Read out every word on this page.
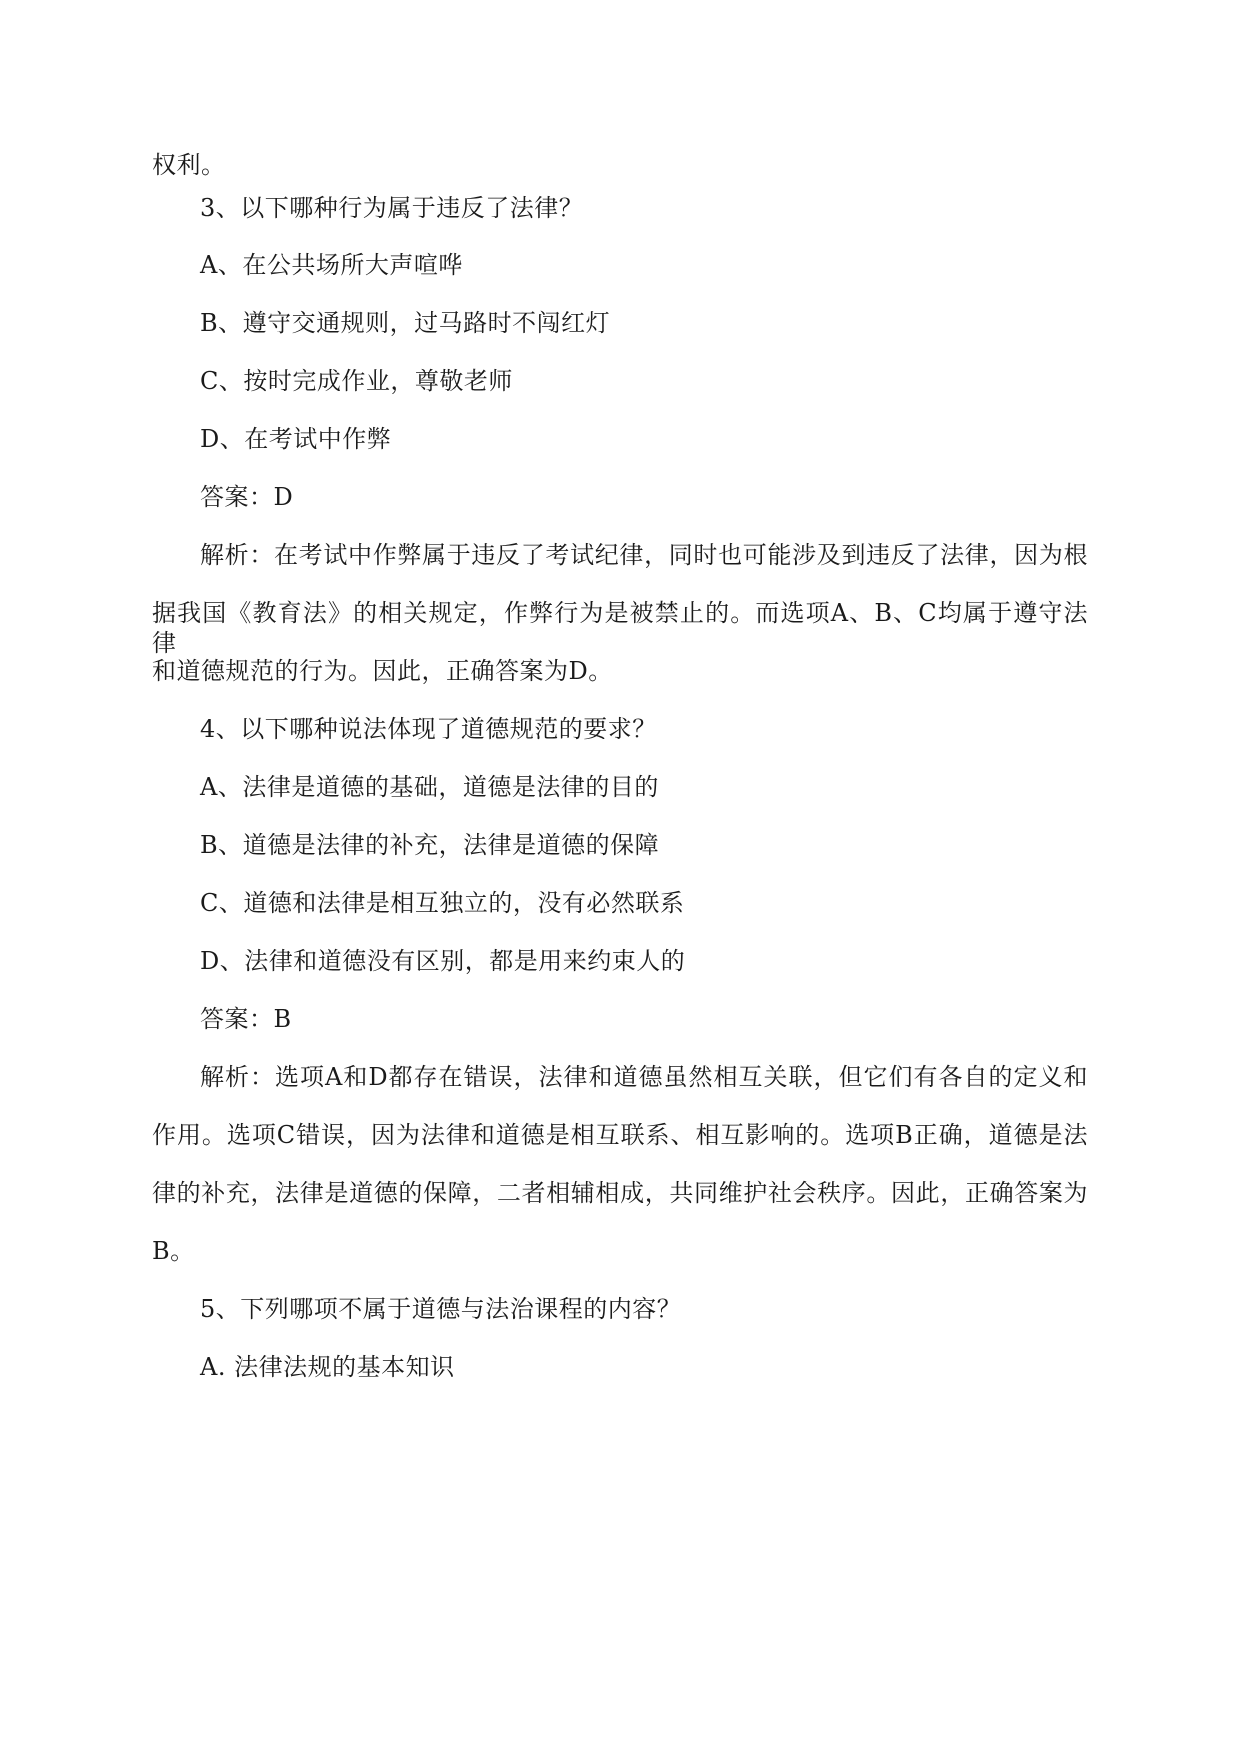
权利。
3、以下哪种行为属于违反了法律？
A、在公共场所大声喧哗
B、遵守交通规则，过马路时不闯红灯
C、按时完成作业，尊敬老师
D、在考试中作弊
答案：D
解析：在考试中作弊属于违反了考试纪律，同时也可能涉及到违反了法律，因为根
据我国《教育法》的相关规定，作弊行为是被禁止的。而选项A、B、C均属于遵守法律
和道德规范的行为。因此，正确答案为D。
4、以下哪种说法体现了道德规范的要求？
A、法律是道德的基础，道德是法律的目的
B、道德是法律的补充，法律是道德的保障
C、道德和法律是相互独立的，没有必然联系
D、法律和道德没有区别，都是用来约束人的
答案：B
解析：选项A和D都存在错误，法律和道德虽然相互关联，但它们有各自的定义和
作用。选项C错误，因为法律和道德是相互联系、相互影响的。选项B正确，道德是法
律的补充，法律是道德的保障，二者相辅相成，共同维护社会秩序。因此，正确答案为
B。
5、下列哪项不属于道德与法治课程的内容？
A. 法律法规的基本知识
